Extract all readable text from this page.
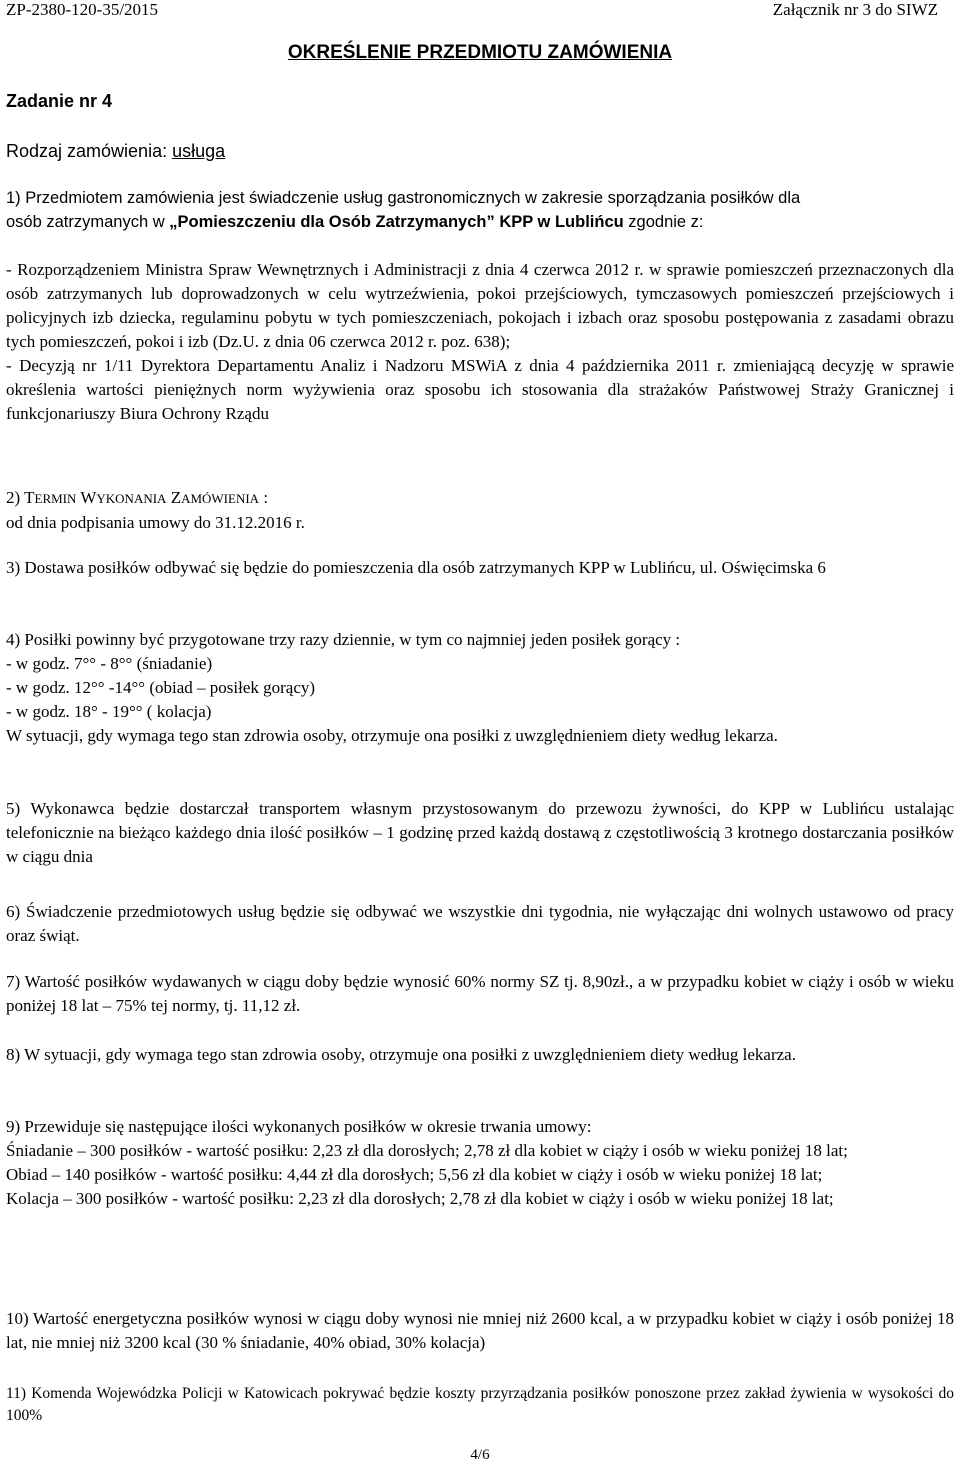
ZP-2380-120-35/2015	Załącznik nr 3 do SIWZ
OKREŚLENIE PRZEDMIOTU ZAMÓWIENIA
Zadanie nr 4
Rodzaj zamówienia: usługa

1) Przedmiotem zamówienia jest świadczenie usług gastronomicznych w zakresie sporządzania posiłków dla

osób zatrzymanych w „Pomieszczeniu dla Osób Zatrzymanych” KPP w Lublińcu zgodnie z:

- Rozporządzeniem Ministra Spraw Wewnętrznych i Administracji z dnia 4 czerwca 2012 r. w sprawie pomieszczeń przeznaczonych dla osób zatrzymanych lub doprowadzonych w celu wytrzeźwienia, pokoi przejściowych, tymczasowych pomieszczeń przejściowych i policyjnych izb dziecka, regulaminu pobytu w tych pomieszczeniach, pokojach i izbach oraz sposobu postępowania z zasadami obrazu tych pomieszczeń, pokoi i izb (Dz.U. z dnia 06 czerwca 2012 r. poz. 638);

- Decyzją nr 1/11 Dyrektora Departamentu Analiz i Nadzoru MSWiA z dnia 4 października 2011 r. zmieniającą decyzję w sprawie określenia wartości pieniężnych norm wyżywienia oraz sposobu ich stosowania dla strażaków Państwowej Straży Granicznej i funkcjonariuszy Biura Ochrony Rządu

2) TERMIN WYKONANIA ZAMÓWIENIA :

od dnia podpisania umowy do 31.12.2016 r.

3) Dostawa posiłków odbywać się będzie do pomieszczenia dla osób zatrzymanych KPP w Lublińcu, ul. Oświęcimska 6

4) Posiłki powinny być przygotowane trzy razy dziennie, w tym co najmniej jeden posiłek gorący :

- w godz. 7°° - 8°° (śniadanie)

- w godz. 12°° -14°° (obiad – posiłek gorący)

- w godz. 18° - 19°° ( kolacja)

W sytuacji, gdy wymaga tego stan zdrowia osoby, otrzymuje ona posiłki z uwzględnieniem diety według lekarza.

5) Wykonawca będzie dostarczał transportem własnym przystosowanym do przewozu żywności, do KPP w Lublińcu ustalając telefonicznie na bieżąco każdego dnia ilość posiłków – 1 godzinę przed każdą dostawą z częstotliwością 3 krotnego dostarczania posiłków w ciągu dnia

6) Świadczenie przedmiotowych usług będzie się odbywać we wszystkie dni tygodnia, nie wyłączając dni wolnych ustawowo od pracy oraz świąt.

7) Wartość posiłków wydawanych w ciągu doby będzie wynosić 60% normy SZ tj. 8,90zł., a w przypadku kobiet w ciąży i osób w wieku poniżej 18 lat – 75% tej normy, tj. 11,12 zł.

8) W sytuacji, gdy wymaga tego stan zdrowia osoby, otrzymuje ona posiłki z uwzględnieniem diety według lekarza.

9) Przewiduje się następujące ilości wykonanych posiłków w okresie trwania umowy:

Śniadanie – 300 posiłków - wartość posiłku: 2,23 zł dla dorosłych; 2,78 zł dla kobiet w ciąży i osób w wieku poniżej 18 lat;

Obiad – 140 posiłków - wartość posiłku: 4,44 zł dla dorosłych; 5,56 zł dla kobiet w ciąży i osób w wieku poniżej 18 lat;

Kolacja – 300 posiłków - wartość posiłku: 2,23 zł dla dorosłych; 2,78 zł dla kobiet w ciąży i osób w wieku poniżej 18 lat;

10) Wartość energetyczna posiłków wynosi w ciągu doby wynosi nie mniej niż 2600 kcal, a w przypadku kobiet w ciąży i osób poniżej 18 lat, nie mniej niż 3200 kcal (30 % śniadanie, 40% obiad, 30% kolacja)

11) Komenda Wojewódzka Policji w Katowicach pokrywać będzie koszty przyrządzania posiłków ponoszone przez zakład żywienia w wysokości do 100%

4/6
